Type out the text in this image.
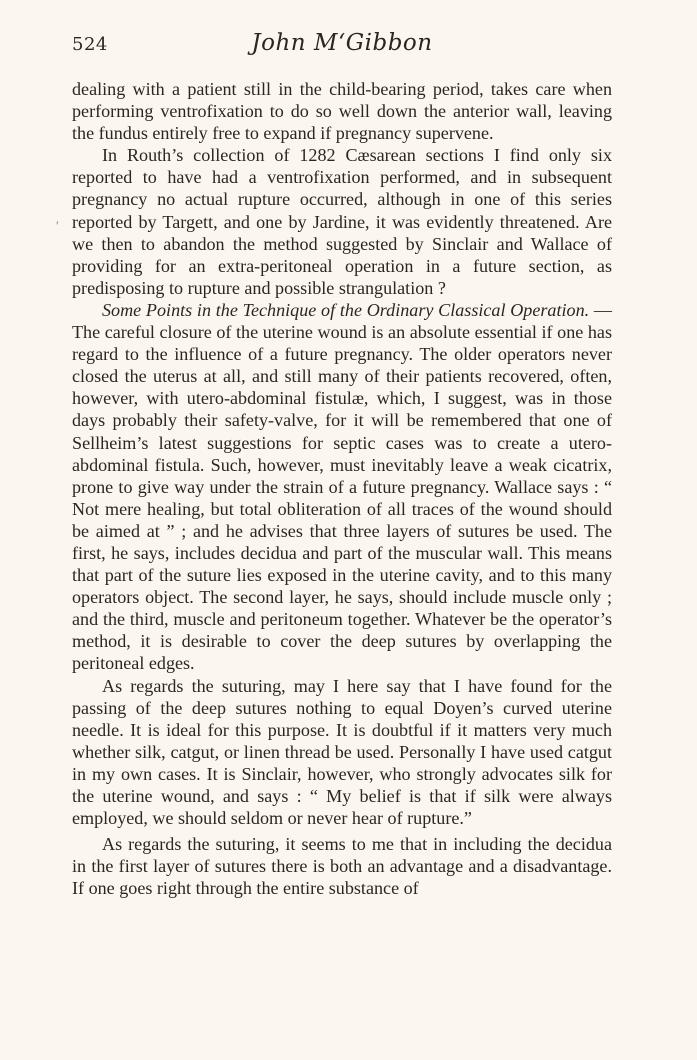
524	John M‘Gibbon
ʹ

dealing with a patient still in the child-bearing period, takes care when performing ventrofixation to do so well down the anterior wall, leaving the fundus entirely free to expand if pregnancy supervene.

In Routh’s collection of 1282 Cæsarean sections I find only six reported to have had a ventrofixation performed, and in subsequent pregnancy no actual rupture occurred, although in one of this series reported by Targett, and one by Jardine, it was evidently threatened. Are we then to abandon the method suggested by Sinclair and Wallace of providing for an extra-peritoneal operation in a future section, as predisposing to rupture and possible strangulation ?

Some Points in the Technique of the Ordinary Classical Operation. —The careful closure of the uterine wound is an absolute essential if one has regard to the influence of a future pregnancy. The older operators never closed the uterus at all, and still many of their patients recovered, often, however, with utero-abdominal fistulæ, which, I suggest, was in those days probably their safety-valve, for it will be remembered that one of Sellheim’s latest suggestions for septic cases was to create a utero-abdominal fistula. Such, however, must inevitably leave a weak cicatrix, prone to give way under the strain of a future pregnancy. Wallace says : “ Not mere healing, but total obliteration of all traces of the wound should be aimed at ” ; and he advises that three layers of sutures be used. The first, he says, includes decidua and part of the muscular wall. This means that part of the suture lies exposed in the uterine cavity, and to this many operators object. The second layer, he says, should include muscle only ; and the third, muscle and peritoneum together. Whatever be the operator’s method, it is desirable to cover the deep sutures by overlapping the peritoneal edges.

As regards the suturing, may I here say that I have found for the passing of the deep sutures nothing to equal Doyen’s curved uterine needle. It is ideal for this purpose. It is doubtful if it matters very much whether silk, catgut, or linen thread be used. Personally I have used catgut in my own cases. It is Sinclair, however, who strongly advocates silk for the uterine wound, and says : “ My belief is that if silk were always employed, we should seldom or never hear of rupture.”

As regards the suturing, it seems to me that in including the decidua in the first layer of sutures there is both an advantage and a disadvantage. If one goes right through the entire substance of
